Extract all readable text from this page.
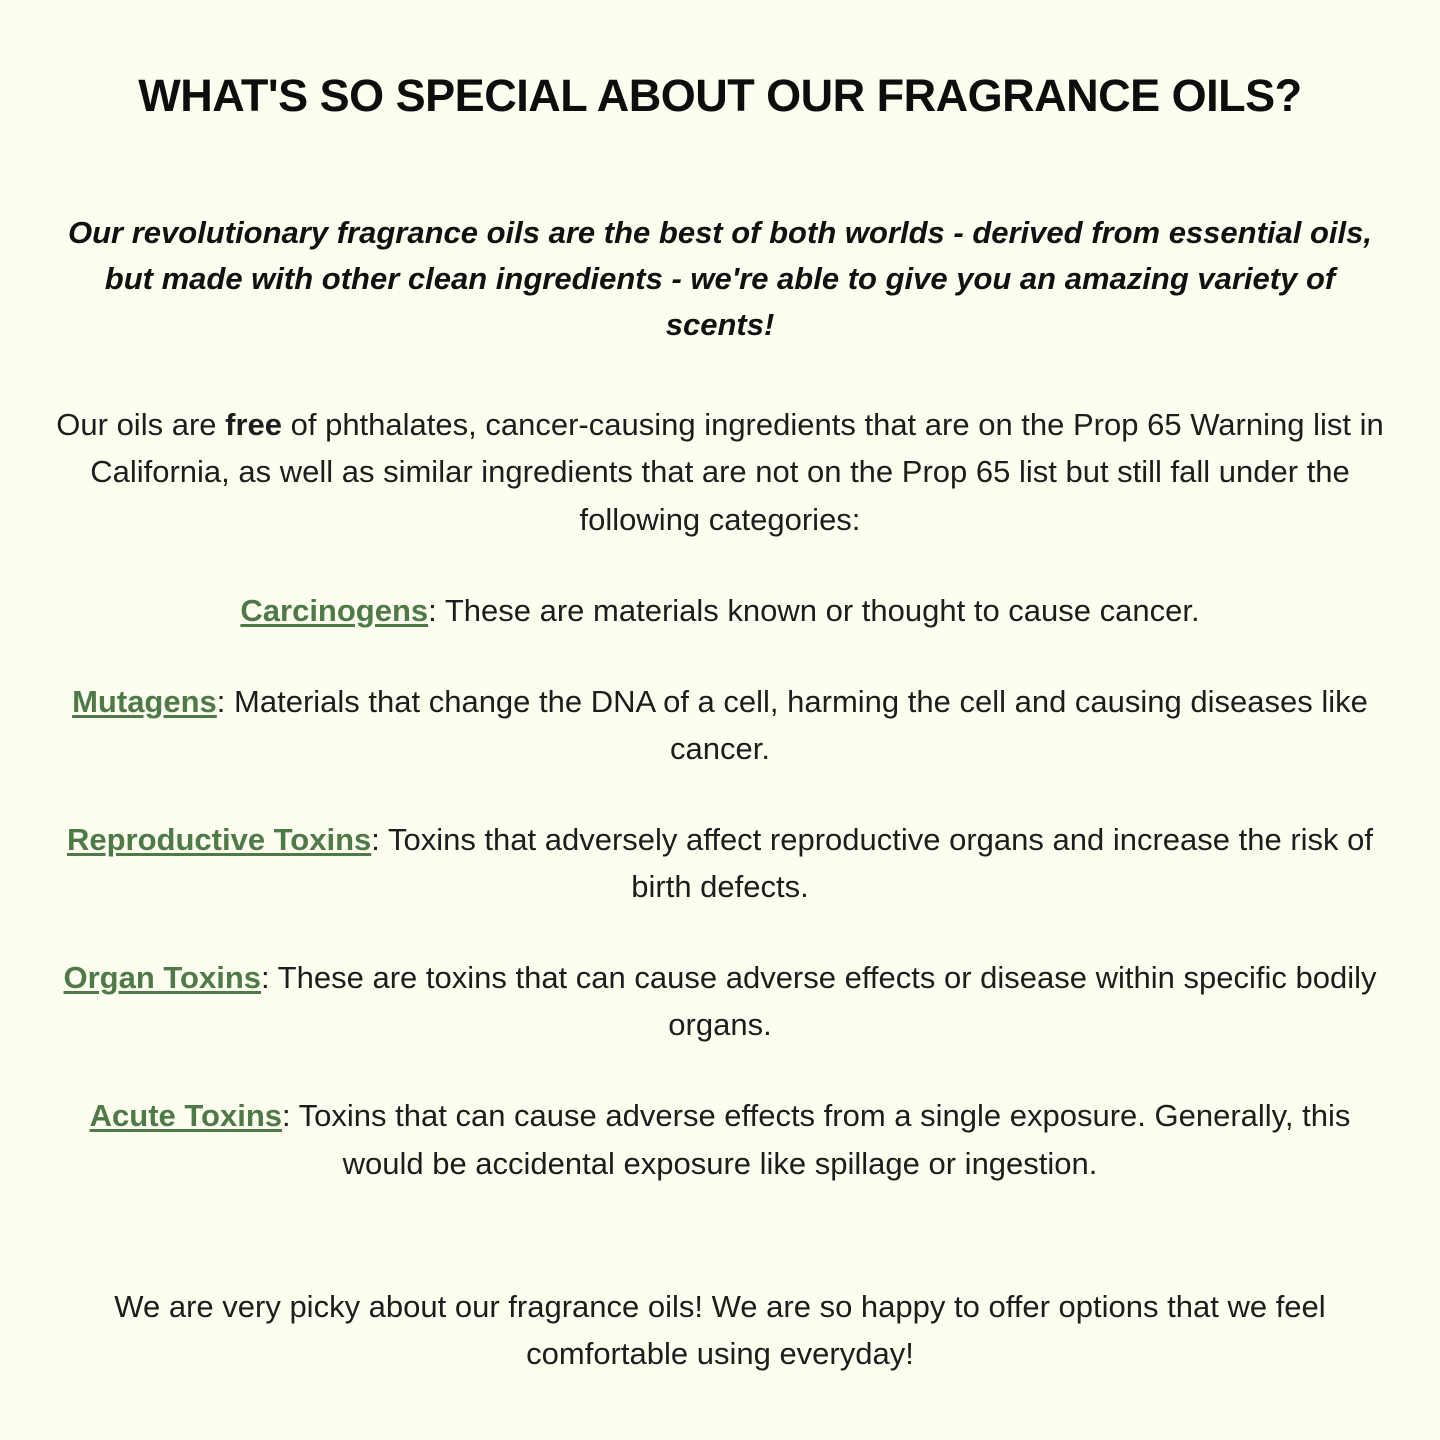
WHAT'S SO SPECIAL ABOUT OUR FRAGRANCE OILS?

Our revolutionary fragrance oils are the best of both worlds - derived from essential oils, but made with other clean ingredients - we're able to give you an amazing variety of scents!

Our oils are free of phthalates, cancer-causing ingredients that are on the Prop 65 Warning list in California, as well as similar ingredients that are not on the Prop 65 list but still fall under the following categories:

Carcinogens: These are materials known or thought to cause cancer.
Mutagens: Materials that change the DNA of a cell, harming the cell and causing diseases like cancer.
Reproductive Toxins: Toxins that adversely affect reproductive organs and increase the risk of birth defects.
Organ Toxins: These are toxins that can cause adverse effects or disease within specific bodily organs.
Acute Toxins: Toxins that can cause adverse effects from a single exposure. Generally, this would be accidental exposure like spillage or ingestion.

We are very picky about our fragrance oils! We are so happy to offer options that we feel comfortable using everyday!
